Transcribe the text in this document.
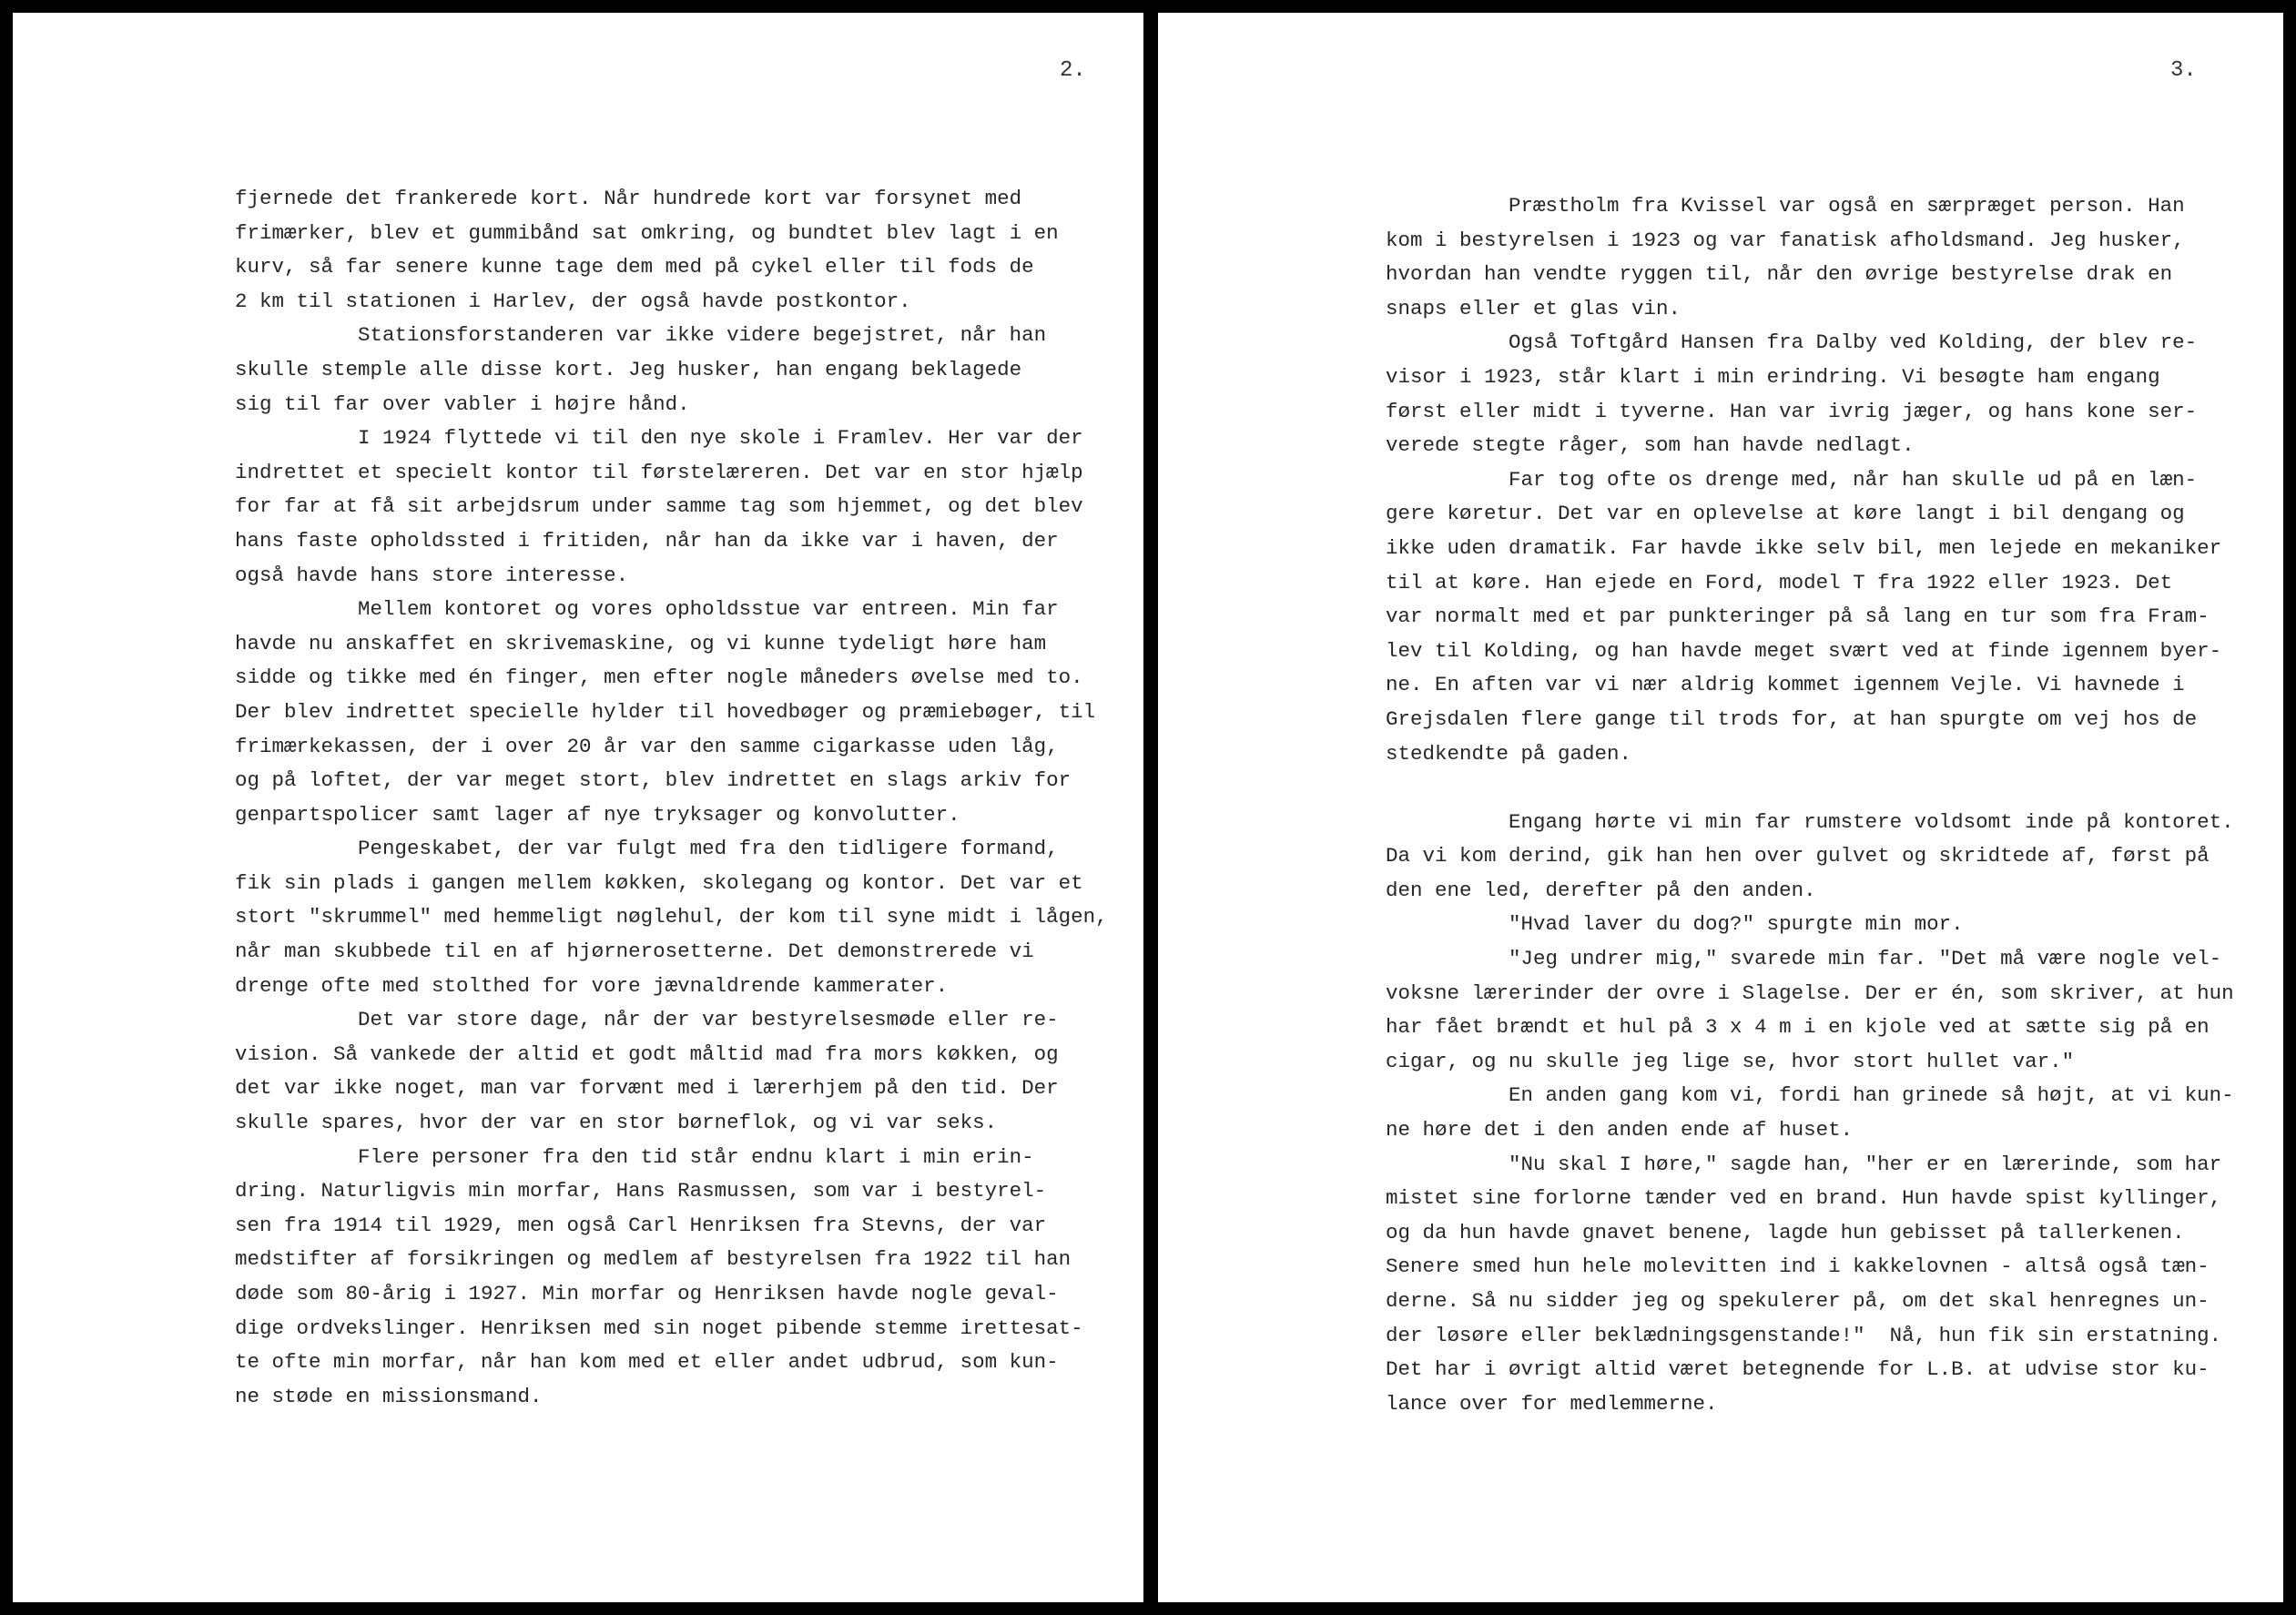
2.
fjernede det frankerede kort. Når hundrede kort var forsynet med
frimærker, blev et gummibånd sat omkring, og bundtet blev lagt i en
kurv, så far senere kunne tage dem med på cykel eller til fods de
2 km til stationen i Harlev, der også havde postkontor.
Stationsforstanderen var ikke videre begejstret, når han
skulle stemple alle disse kort. Jeg husker, han engang beklagede
sig til far over vabler i højre hånd.
I 1924 flyttede vi til den nye skole i Framlev. Her var der
indrettet et specielt kontor til førstelæreren. Det var en stor hjælp
for far at få sit arbejdsrum under samme tag som hjemmet, og det blev
hans faste opholdssted i fritiden, når han da ikke var i haven, der
også havde hans store interesse.
Mellem kontoret og vores opholdsstue var entreen. Min far
havde nu anskaffet en skrivemaskine, og vi kunne tydeligt høre ham
sidde og tikke med én finger, men efter nogle måneders øvelse med to.
Der blev indrettet specielle hylder til hovedbøger og præmiebøger, til
frimærkekassen, der i over 20 år var den samme cigarkasse uden låg,
og på loftet, der var meget stort, blev indrettet en slags arkiv for
genpartspolicer samt lager af nye tryksager og konvolutter.
Pengeskabet, der var fulgt med fra den tidligere formand,
fik sin plads i gangen mellem køkken, skolegang og kontor. Det var et
stort "skrummel" med hemmeligt nøglehul, der kom til syne midt i lågen,
når man skubbede til en af hjørnerosetterne. Det demonstrerede vi
drenge ofte med stolthed for vore jævnaldrende kammerater.
Det var store dage, når der var bestyrelsesmøde eller re-
vision. Så vankede der altid et godt måltid mad fra mors køkken, og
det var ikke noget, man var forvænt med i lærerhjem på den tid. Der
skulle spares, hvor der var en stor børneflok, og vi var seks.
Flere personer fra den tid står endnu klart i min erin-
dring. Naturligvis min morfar, Hans Rasmussen, som var i bestyrel-
sen fra 1914 til 1929, men også Carl Henriksen fra Stevns, der var
medstifter af forsikringen og medlem af bestyrelsen fra 1922 til han
døde som 80-årig i 1927. Min morfar og Henriksen havde nogle geval-
dige ordvekslinger. Henriksen med sin noget pibende stemme irettesat-
te ofte min morfar, når han kom med et eller andet udbrud, som kun-
ne støde en missionsmand.
3.
Præstholm fra Kvissel var også en særpræget person. Han
kom i bestyrelsen i 1923 og var fanatisk afholdsmand. Jeg husker,
hvordan han vendte ryggen til, når den øvrige bestyrelse drak en
snaps eller et glas vin.
Også Toftgård Hansen fra Dalby ved Kolding, der blev re-
visor i 1923, står klart i min erindring. Vi besøgte ham engang
først eller midt i tyverne. Han var ivrig jæger, og hans kone ser-
verede stegte råger, som han havde nedlagt.
Far tog ofte os drenge med, når han skulle ud på en læn-
gere køretur. Det var en oplevelse at køre langt i bil dengang og
ikke uden dramatik. Far havde ikke selv bil, men lejede en mekaniker
til at køre. Han ejede en Ford, model T fra 1922 eller 1923. Det
var normalt med et par punkteringer på så lang en tur som fra Fram-
lev til Kolding, og han havde meget svært ved at finde igennem byer-
ne. En aften var vi nær aldrig kommet igennem Vejle. Vi havnede i
Grejsdalen flere gange til trods for, at han spurgte om vej hos de
stedkendte på gaden.
Engang hørte vi min far rumstere voldsomt inde på kontoret.
Da vi kom derind, gik han hen over gulvet og skridtede af, først på
den ene led, derefter på den anden.
"Hvad laver du dog?" spurgte min mor.
"Jeg undrer mig," svarede min far. "Det må være nogle vel-
voksne lærerinder der ovre i Slagelse. Der er én, som skriver, at hun
har fået brændt et hul på 3 x 4 m i en kjole ved at sætte sig på en
cigar, og nu skulle jeg lige se, hvor stort hullet var."
En anden gang kom vi, fordi han grinede så højt, at vi kun-
ne høre det i den anden ende af huset.
"Nu skal I høre," sagde han, "her er en lærerinde, som har
mistet sine forlorne tænder ved en brand. Hun havde spist kyllinger,
og da hun havde gnavet benene, lagde hun gebisset på tallerkenen.
Senere smed hun hele molevitten ind i kakkelovnen - altså også tæn-
derne. Så nu sidder jeg og spekulerer på, om det skal henregnes un-
der løsøre eller beklædningsgenstande!"  Nå, hun fik sin erstatning.
Det har i øvrigt altid været betegnende for L.B. at udvise stor ku-
lance over for medlemmerne.
